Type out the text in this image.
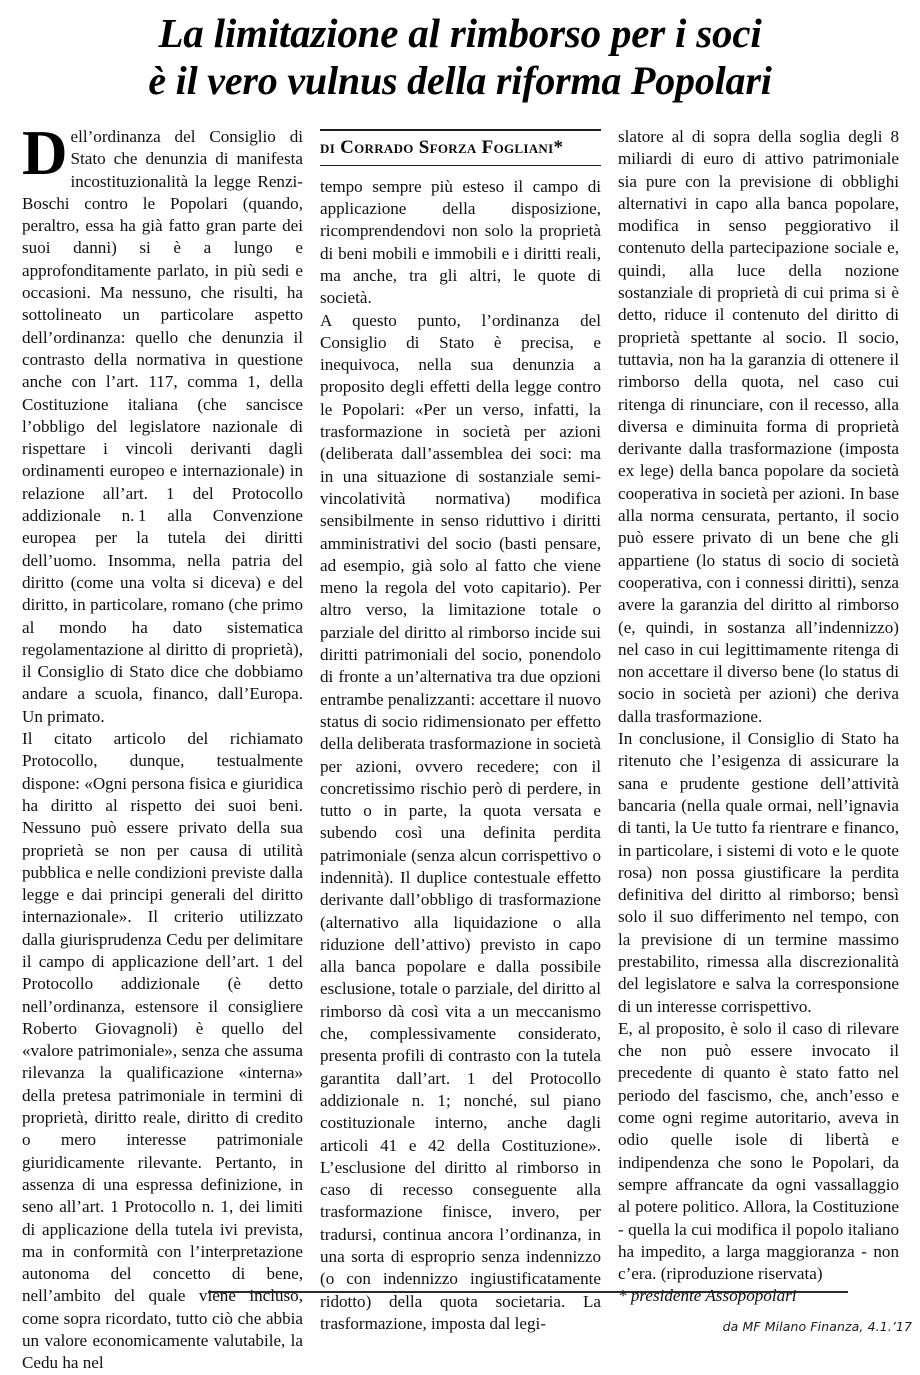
La limitazione al rimborso per i soci
è il vero vulnus della riforma Popolari

Dell’ordinanza del Consiglio di Stato che denunzia di manifesta incostituzionalità la legge Renzi-Boschi contro le Popolari (quando, peraltro, essa ha già fatto gran parte dei suoi danni) si è a lungo e approfonditamente parlato, in più sedi e occasioni. Ma nessuno, che risulti, ha sottolineato un particolare aspetto dell’ordinanza: quello che denunzia il contrasto della normativa in questione anche con l’art. 117, comma 1, della Costituzione italiana (che sancisce l’obbligo del legislatore nazionale di rispettare i vincoli derivanti dagli ordinamenti europeo e internazionale) in relazione all’art. 1 del Protocollo addizionale n. 1 alla Convenzione europea per la tutela dei diritti dell’uomo. Insomma, nella patria del diritto (come una volta si diceva) e del diritto, in particolare, romano (che primo al mondo ha dato sistematica regolamentazione al diritto di proprietà), il Consiglio di Stato dice che dobbiamo andare a scuola, financo, dall’Europa. Un primato.

Il citato articolo del richiamato Protocollo, dunque, testualmente dispone: «Ogni persona fisica e giuridica ha diritto al rispetto dei suoi beni. Nessuno può essere privato della sua proprietà se non per causa di utilità pubblica e nelle condizioni previste dalla legge e dai principi generali del diritto internazionale». Il criterio utilizzato dalla giurisprudenza Cedu per delimitare il campo di applicazione dell’art. 1 del Protocollo addizionale (è detto nell’ordinanza, estensore il consigliere Roberto Giovagnoli) è quello del «valore patrimoniale», senza che assuma rilevanza la qualificazione «interna» della pretesa patrimoniale in termini di proprietà, diritto reale, diritto di credito o mero interesse patrimoniale giuridicamente rilevante. Pertanto, in assenza di una espressa definizione, in seno all’art. 1 Protocollo n. 1, dei limiti di applicazione della tutela ivi prevista, ma in conformità con l’interpretazione autonoma del concetto di bene, nell’ambito del quale viene incluso, come sopra ricordato, tutto ciò che abbia un valore economicamente valutabile, la Cedu ha nel

di Corrado Sforza Fogliani*

tempo sempre più esteso il campo di applicazione della disposizione, ricomprendendovi non solo la proprietà di beni mobili e immobili e i diritti reali, ma anche, tra gli altri, le quote di società.

A questo punto, l’ordinanza del Consiglio di Stato è precisa, e inequivoca, nella sua denunzia a proposito degli effetti della legge contro le Popolari: «Per un verso, infatti, la trasformazione in società per azioni (deliberata dall’assemblea dei soci: ma in una situazione di sostanziale semi-vincolatività normativa) modifica sensibilmente in senso riduttivo i diritti amministrativi del socio (basti pensare, ad esempio, già solo al fatto che viene meno la regola del voto capitario). Per altro verso, la limitazione totale o parziale del diritto al rimborso incide sui diritti patrimoniali del socio, ponendolo di fronte a un’alternativa tra due opzioni entrambe penalizzanti: accettare il nuovo status di socio ridimensionato per effetto della deliberata trasformazione in società per azioni, ovvero recedere; con il concretissimo rischio però di perdere, in tutto o in parte, la quota versata e subendo così una definita perdita patrimoniale (senza alcun corrispettivo o indennità). Il duplice contestuale effetto derivante dall’obbligo di trasformazione (alternativo alla liquidazione o alla riduzione dell’attivo) previsto in capo alla banca popolare e dalla possibile esclusione, totale o parziale, del diritto al rimborso dà così vita a un meccanismo che, complessivamente considerato, presenta profili di contrasto con la tutela garantita dall’art. 1 del Protocollo addizionale n. 1; nonché, sul piano costituzionale interno, anche dagli articoli 41 e 42 della Costituzione». L’esclusione del diritto al rimborso in caso di recesso conseguente alla trasformazione finisce, invero, per tradursi, continua ancora l’ordinanza, in una sorta di esproprio senza indennizzo (o con indennizzo ingiustificatamente ridotto) della quota societaria. La trasformazione, imposta dal legi-

slatore al di sopra della soglia degli 8 miliardi di euro di attivo patrimoniale sia pure con la previsione di obblighi alternativi in capo alla banca popolare, modifica in senso peggiorativo il contenuto della partecipazione sociale e, quindi, alla luce della nozione sostanziale di proprietà di cui prima si è detto, riduce il contenuto del diritto di proprietà spettante al socio. Il socio, tuttavia, non ha la garanzia di ottenere il rimborso della quota, nel caso cui ritenga di rinunciare, con il recesso, alla diversa e diminuita forma di proprietà derivante dalla trasformazione (imposta ex lege) della banca popolare da società cooperativa in società per azioni. In base alla norma censurata, pertanto, il socio può essere privato di un bene che gli appartiene (lo status di socio di società cooperativa, con i connessi diritti), senza avere la garanzia del diritto al rimborso (e, quindi, in sostanza all’indennizzo) nel caso in cui legittimamente ritenga di non accettare il diverso bene (lo status di socio in società per azioni) che deriva dalla trasformazione.

In conclusione, il Consiglio di Stato ha ritenuto che l’esigenza di assicurare la sana e prudente gestione dell’attività bancaria (nella quale ormai, nell’ignavia di tanti, la Ue tutto fa rientrare e financo, in particolare, i sistemi di voto e le quote rosa) non possa giustificare la perdita definitiva del diritto al rimborso; bensì solo il suo differimento nel tempo, con la previsione di un termine massimo prestabilito, rimessa alla discrezionalità del legislatore e salva la corresponsione di un interesse corrispettivo.

E, al proposito, è solo il caso di rilevare che non può essere invocato il precedente di quanto è stato fatto nel periodo del fascismo, che, anch’esso e come ogni regime autoritario, aveva in odio quelle isole di libertà e indipendenza che sono le Popolari, da sempre affrancate da ogni vassallaggio al potere politico. Allora, la Costituzione - quella la cui modifica il popolo italiano ha impedito, a larga maggioranza - non c’era. (riproduzione riservata)

* presidente Assopopolari

da MF Milano Finanza, 4.1.’17
